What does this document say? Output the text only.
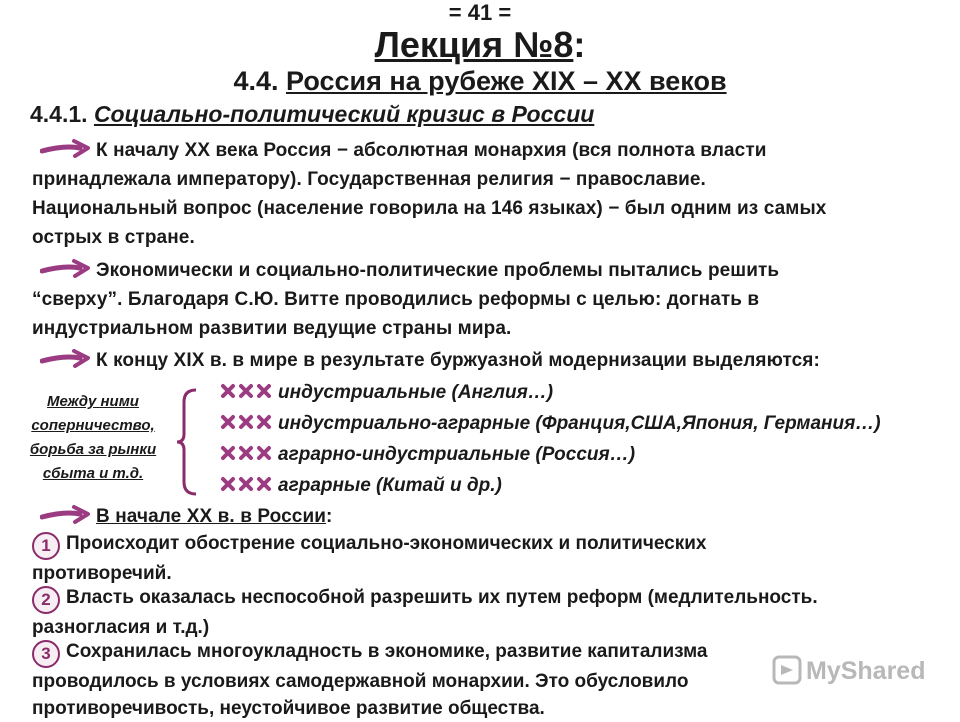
= 41 =
Лекция №8:
4.4. Россия на рубеже XIX – XX веков
4.4.1. Социально-политический кризис в России
К началу XX века Россия − абсолютная монархия (вся полнота власти
принадлежала императору). Государственная религия − православие.
Национальный вопрос (население говорила на 146 языках) − был одним из самых
острых в стране.
Экономически и социально-политические проблемы пытались решить
“сверху”. Благодаря С.Ю. Витте проводились реформы с целью: догнать в
индустриальном развитии ведущие страны мира.
К концу XIX в. в мире в результате буржуазной модернизации выделяются:
Между ними
соперничество,
борьба за рынки
сбыта и т.д.
индустриальные (Англия…)
индустриально-аграрные (Франция,США,Япония, Германия…)
аграрно-индустриальные (Россия…)
аграрные (Китай и др.)
В начале XX в. в России:
1 Происходит обострение социально-экономических и политических
противоречий.
2 Власть оказалась неспособной разрешить их путем реформ (медлительность.
разногласия и т.д.)
3 Сохранилась многоукладность в экономике, развитие капитализма
проводилось в условиях самодержавной монархии. Это обусловило
противоречивость, неустойчивое развитие общества.
MyShared
